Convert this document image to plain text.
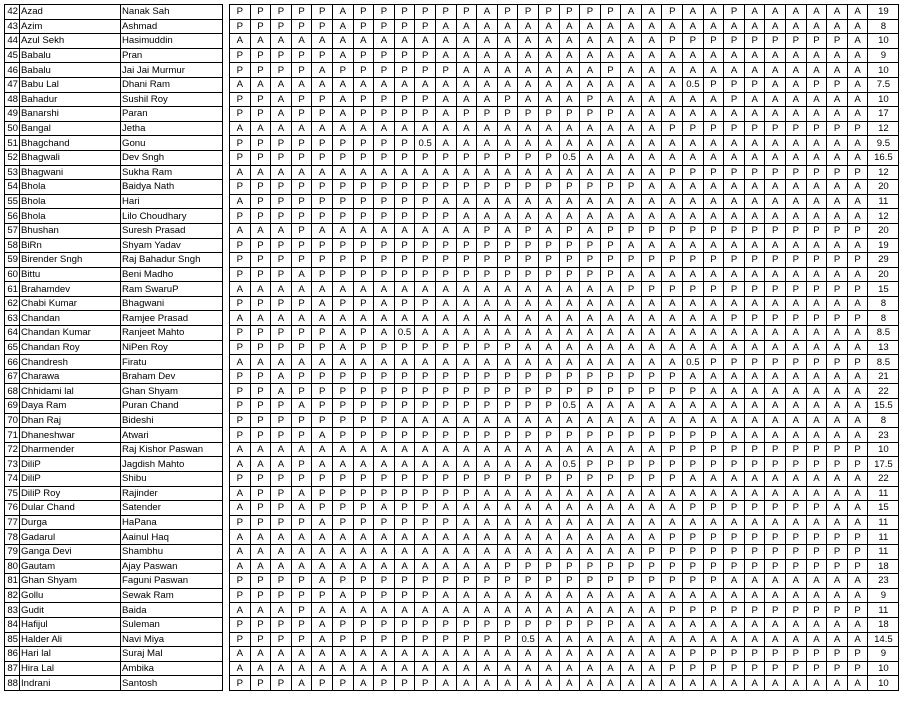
42	Azad	Nanak Sah		P	P	P	P	P	A	P	P	P	P	P	P	A	P	P	P	P	P	P	A	A	P	A	A	P	A	A	A	A	A	A	19
43	Azim	Ashmad		P	P	P	P	P	A	P	P	P	P	A	A	A	A	A	A	A	A	A	A	A	A	A	A	A	A	A	A	A	A	A	8
44	Azul Sekh	Hasimuddin		A	A	A	A	A	A	A	A	A	A	A	A	A	A	A	A	A	A	A	A	A	P	P	P	P	P	P	P	P	P	A	10
45	Babalu	Pran		P	P	P	P	P	A	P	P	P	P	A	A	A	A	A	A	A	A	A	A	A	A	A	A	A	A	A	A	A	A	A	9
46	Babalu	Jai Jai Murmur		P	P	P	P	A	P	P	P	P	P	P	A	A	A	A	A	A	A	P	A	A	A	A	A	A	A	A	A	A	A	A	10
47	Babu Lal	Dhani Ram		A	A	A	A	A	A	A	A	A	A	A	A	A	A	A	A	A	A	A	A	A	A	0.5	P	P	P	A	A	P	P	A	7.5
48	Bahadur	Sushil Roy		P	P	A	P	P	A	P	P	P	P	A	A	A	P	A	A	A	P	A	A	A	A	A	A	P	A	A	A	A	A	A	10
49	Banarshi	Paran		P	P	A	P	P	A	P	P	P	P	A	P	P	P	P	P	P	P	P	A	A	A	A	A	A	A	A	A	A	A	A	17
50	Bangal	Jetha		A	A	A	A	A	A	A	A	A	A	A	A	A	A	A	A	A	A	A	A	A	P	P	P	P	P	P	P	P	P	P	12
51	Bhagchand	Gonu		P	P	P	P	P	P	P	P	P	0.5	A	A	A	A	A	A	A	A	A	A	A	A	A	A	A	A	A	A	A	A	A	9.5
52	Bhagwali	Dev Sngh		P	P	P	P	P	P	P	P	P	P	P	P	P	P	P	P	0.5	A	A	A	A	A	A	A	A	A	A	A	A	A	A	16.5
53	Bhagwani	Sukha Ram		A	A	A	A	A	A	A	A	A	A	A	A	A	A	A	A	A	A	A	A	A	P	P	P	P	P	P	P	P	P	P	12
54	Bhola	Baidya Nath		P	P	P	P	P	P	P	P	P	P	P	P	P	P	P	P	P	P	P	P	A	A	A	A	A	A	A	A	A	A	A	20
55	Bhola	Hari		A	P	P	P	P	P	P	P	P	P	A	A	A	A	A	A	A	A	A	A	A	A	A	A	A	A	A	A	A	A	A	11
56	Bhola	Lilo Choudhary		P	P	P	P	P	P	P	P	P	P	P	A	A	A	A	A	A	A	A	A	A	A	A	A	A	A	A	A	A	A	A	12
57	Bhushan	Suresh Prasad		A	A	A	P	A	A	A	A	A	A	A	A	P	A	P	A	P	A	P	P	P	P	P	P	P	P	P	P	P	P	P	20
58	BiRn	Shyam Yadav		P	P	P	P	P	P	P	P	P	P	P	P	P	P	P	P	P	P	P	A	A	A	A	A	A	A	A	A	A	A	A	19
59	Birender Sngh	Raj Bahadur Sngh		P	P	P	P	P	P	P	P	P	P	P	P	P	P	P	P	P	P	P	P	P	P	P	P	P	P	P	P	P	P	P	29
60	Bittu	Beni Madho		P	P	P	A	P	P	P	P	P	P	P	P	P	P	P	P	P	P	P	A	A	A	A	A	A	A	A	A	A	A	A	20
61	Brahamdev	Ram SwaruP		A	A	A	A	A	A	A	A	A	A	A	A	A	A	A	A	A	A	A	P	P	P	P	P	P	P	P	P	P	P	P	15
62	Chabi Kumar	Bhagwani		P	P	P	P	A	P	P	A	P	P	A	A	A	A	A	A	A	A	A	A	A	A	A	A	A	A	A	A	A	A	A	8
63	Chandan	Ramjee Prasad		A	A	A	A	A	A	A	A	A	A	A	A	A	A	A	A	A	A	A	A	A	A	A	A	P	P	P	P	P	P	P	8
64	Chandan Kumar	Ranjeet Mahto		P	P	P	P	P	A	P	A	0.5	A	A	A	A	A	A	A	A	A	A	A	A	A	A	A	A	A	A	A	A	A	A	8.5
65	Chandan Roy	NiPen Roy		P	P	P	P	P	A	P	P	P	P	P	P	P	P	A	A	A	A	A	A	A	A	A	A	A	A	A	A	A	A	A	13
66	Chandresh	Firatu		A	A	A	A	A	A	A	A	A	A	A	A	A	A	A	A	A	A	A	A	A	A	0.5	P	P	P	P	P	P	P	P	8.5
67	Charawa	Braham Dev		P	P	A	P	P	P	P	P	P	P	P	P	P	P	P	P	P	P	P	P	P	P	A	A	A	A	A	A	A	A	A	21
68	Chhidami lal	Ghan Shyam		P	P	A	P	P	P	P	P	P	P	P	P	P	P	P	P	P	P	P	P	P	P	P	A	A	A	A	A	A	A	A	22
69	Daya Ram	Puran Chand		P	P	P	A	P	P	P	P	P	P	P	P	P	P	P	P	0.5	A	A	A	A	A	A	A	A	A	A	A	A	A	A	15.5
70	Dhan Raj	Bideshi		P	P	P	P	P	P	P	P	A	A	A	A	A	A	A	A	A	A	A	A	A	A	A	A	A	A	A	A	A	A	A	8
71	Dhaneshwar	Atwari		P	P	P	P	A	P	P	P	P	P	P	P	P	P	P	P	P	P	P	P	P	P	P	P	A	A	A	A	A	A	A	23
72	Dharmender	Raj Kishor Paswan		A	A	A	A	A	A	A	A	A	A	A	A	A	A	A	A	A	A	A	A	A	P	P	P	P	P	P	P	P	P	P	10
73	DiliP	Jagdish Mahto		A	A	A	P	A	A	A	A	A	A	A	A	A	A	A	A	0.5	P	P	P	P	P	P	P	P	P	P	P	P	P	P	17.5
74	DiliP	Shibu		P	P	P	P	P	P	P	P	P	P	P	P	P	P	P	P	P	P	P	P	P	P	A	A	A	A	A	A	A	A	A	22
75	DiliP Roy	Rajinder		A	P	P	A	P	P	P	P	P	P	P	P	A	A	A	A	A	A	A	A	A	A	A	A	A	A	A	A	A	A	A	11
76	Dular Chand	Satender		A	P	P	A	P	P	P	A	P	P	A	A	A	A	A	A	A	A	A	A	A	A	P	P	P	P	P	P	P	A	A	15
77	Durga	HaPana		P	P	P	P	A	P	P	P	P	P	P	A	A	A	A	A	A	A	A	A	A	A	A	A	A	A	A	A	A	A	A	11
78	Gadarul	Aainul Haq		A	A	A	A	A	A	A	A	A	A	A	A	A	A	A	A	A	A	A	A	A	P	P	P	P	P	P	P	P	P	P	11
79	Ganga Devi	Shambhu		A	A	A	A	A	A	A	A	A	A	A	A	A	A	A	A	A	A	A	A	P	P	P	P	P	P	P	P	P	P	P	11
80	Gautam	Ajay Paswan		A	A	A	A	A	A	A	A	A	A	A	A	A	P	P	P	P	P	P	P	P	P	P	P	P	P	P	P	P	P	P	18
81	Ghan Shyam	Faguni Paswan		P	P	P	P	A	P	P	P	P	P	P	P	P	P	P	P	P	P	P	P	P	P	P	P	A	A	A	A	A	A	A	23
82	Gollu	Sewak Ram		P	P	P	P	P	A	P	P	P	P	A	A	A	A	A	A	A	A	A	A	A	A	A	A	A	A	A	A	A	A	A	9
83	Gudit	Baida		A	A	A	P	A	A	A	A	A	A	A	A	A	A	A	A	A	A	A	A	A	P	P	P	P	P	P	P	P	P	P	11
84	Hafijul	Suleman		P	P	P	P	A	P	P	P	P	P	P	P	P	P	P	P	P	P	P	A	A	A	A	A	A	A	A	A	A	A	A	18
85	Halder Ali	Navi Miya		P	P	P	P	A	P	P	P	P	P	P	P	P	P	0.5	A	A	A	A	A	A	A	A	A	A	A	A	A	A	A	A	14.5
86	Hari lal	Suraj Mal		A	A	A	A	A	A	A	A	A	A	A	A	A	A	A	A	A	A	A	A	A	A	P	P	P	P	P	P	P	P	P	9
87	Hira Lal	Ambika		A	A	A	A	A	A	A	A	A	A	A	A	A	A	A	A	A	A	A	A	A	P	P	P	P	P	P	P	P	P	P	10
88	Indrani	Santosh		P	P	P	A	P	P	A	P	P	P	A	A	A	A	A	A	A	A	A	A	A	A	A	A	A	A	A	A	A	A	A	10
